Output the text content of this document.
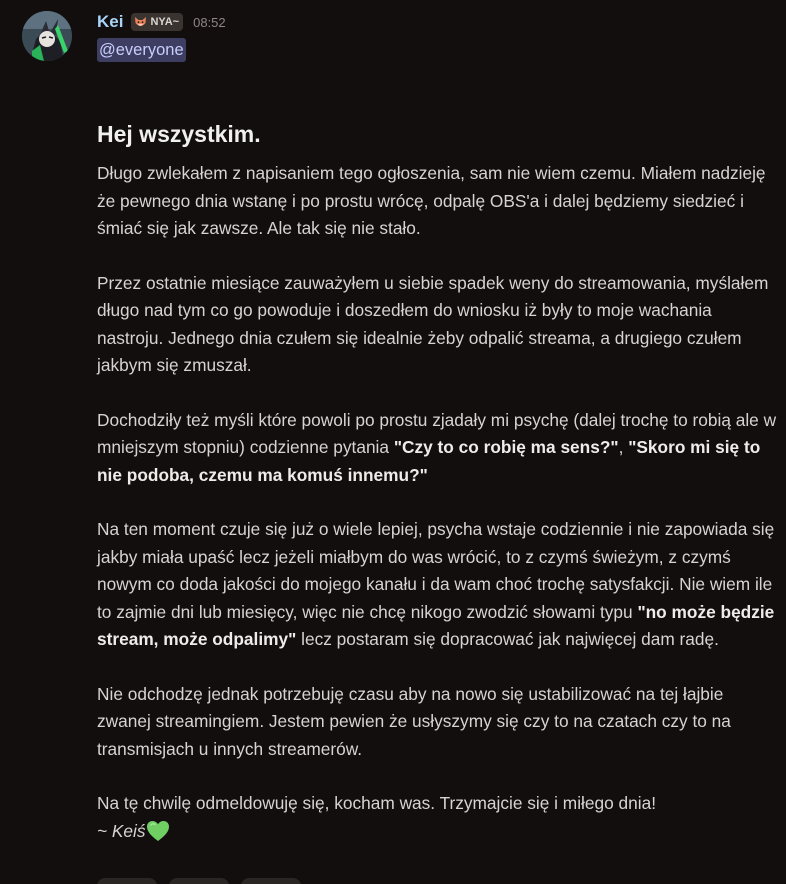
Kei NYA~ 08:52
@everyone
Hej wszystkim.

Długo zwlekałem z napisaniem tego ogłoszenia, sam nie wiem czemu. Miałem nadzieję że pewnego dnia wstanę i po prostu wrócę, odpalę OBS'a i dalej będziemy siedzieć i śmiać się jak zawsze. Ale tak się nie stało.

Przez ostatnie miesiące zauważyłem u siebie spadek weny do streamowania, myślałem długo nad tym co go powoduje i doszedłem do wniosku iż były to moje wachania nastroju. Jednego dnia czułem się idealnie żeby odpalić streama, a drugiego czułem jakbym się zmuszał.

Dochodziły też myśli które powoli po prostu zjadały mi psychę (dalej trochę to robią ale w mniejszym stopniu) codzienne pytania "Czy to co robię ma sens?", "Skoro mi się to nie podoba, czemu ma komuś innemu?"

Na ten moment czuje się już o wiele lepiej, psycha wstaje codziennie i nie zapowiada się jakby miała upaść lecz jeżeli miałbym do was wrócić, to z czymś świeżym, z czymś nowym co doda jakości do mojego kanału i da wam choć trochę satysfakcji. Nie wiem ile to zajmie dni lub miesięcy, więc nie chcę nikogo zwodzić słowami typu "no może będzie stream, może odpalimy" lecz postaram się dopracować jak najwięcej dam radę.

Nie odchodzę jednak potrzebuję czasu aby na nowo się ustabilizować na tej łajbie zwanej streamingiem. Jestem pewien że usłyszymy się czy to na czatach czy to na transmisjach u innych streamerów.

Na tę chwilę odmeldowuję się, kocham was. Trzymajcie się i miłego dnia!
~ Keiś
